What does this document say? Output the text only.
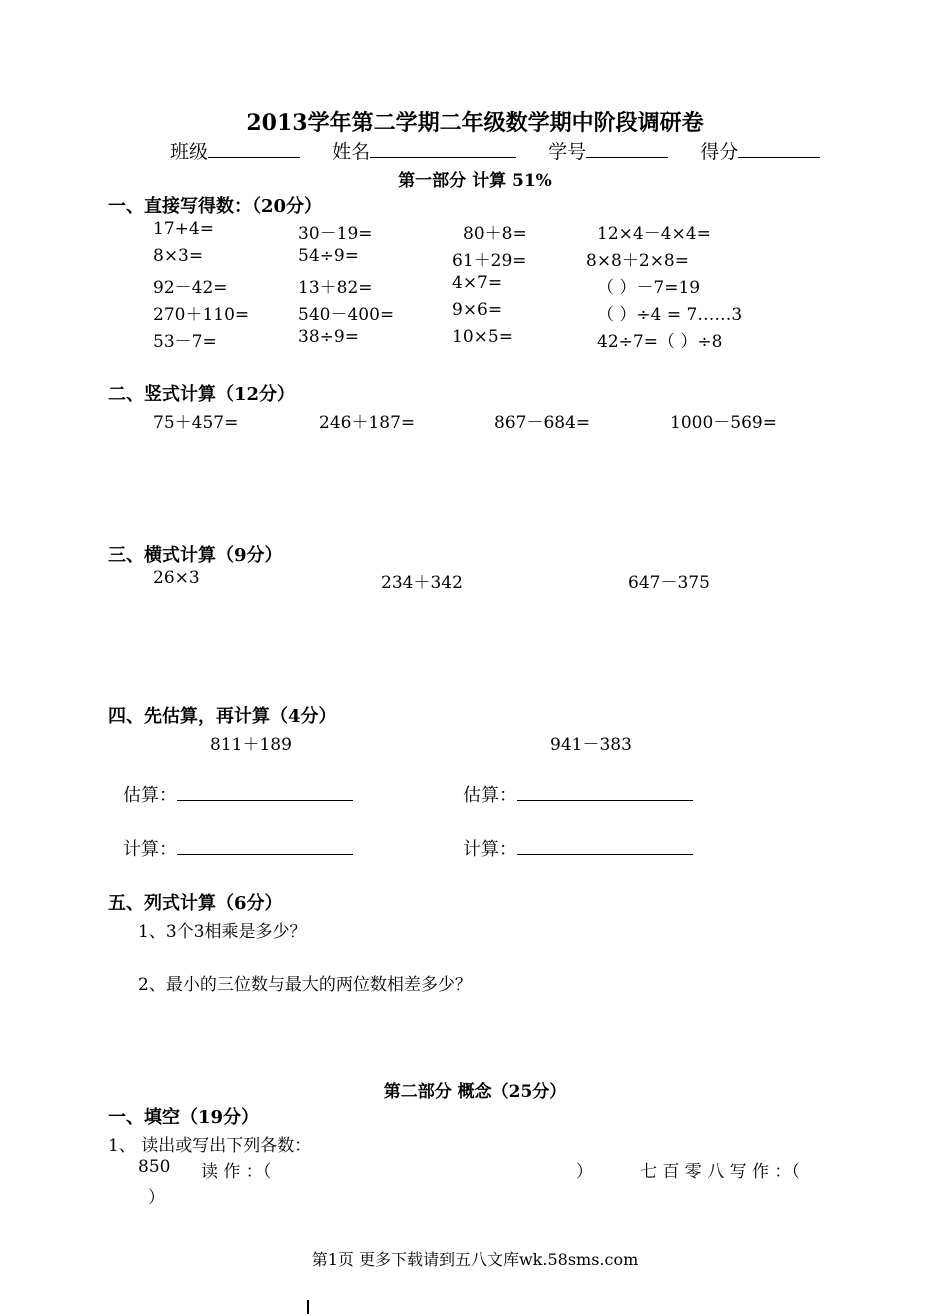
2013学年第二学期二年级数学期中阶段调研卷
班级	姓名	学号	得分
第一部分 计算 51%
一、直接写得数：（20分）
17+4=	30－19=	80＋8=	12×4－4×4=
8×3=	54÷9=	61＋29=	8×8＋2×8=
92－42=	13＋82=	4×7=	（ ）－7=19
270＋110=	540－400=	9×6=	（ ）÷4 = 7……3
53－7=	38÷9=	10×5=	42÷7=（ ）÷8
二、竖式计算（12分）
75＋457=	246＋187=	867－684=	1000－569=
三、横式计算（9分）
26×3	234＋342	647－375
四、先估算，再计算（4分）
811＋189	941－383
估算：	估算：
计算：	计算：
五、列式计算（6分）
1、3个3相乘是多少？
2、最小的三位数与最大的两位数相差多少？
第二部分 概念（25分）
一、填空（19分）
1、 读出或写出下列各数：
850 读 作 ：（	）	七 百 零 八 写 作 ：（
）
第1页 更多下载请到五八文库wk.58sms.com
